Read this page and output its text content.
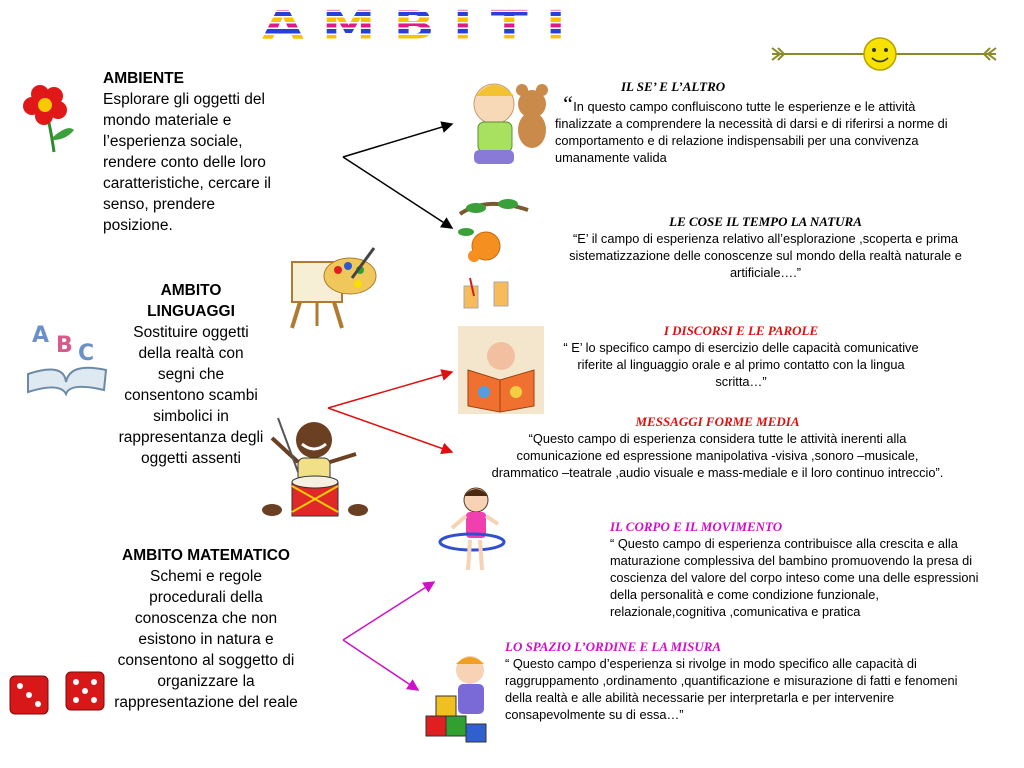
AMBITI
AMBIENTE
Esplorare gli oggetti del mondo materiale e l’esperienza sociale, rendere conto delle loro caratteristiche, cercare il senso, prendere posizione.
AMBITO LINGUAGGI
Sostituire oggetti della realtà con segni che consentono scambi simbolici in rappresentanza degli oggetti assenti
AMBITO MATEMATICO
Schemi e regole procedurali della conoscenza che non esistono in natura e consentono al soggetto di organizzare la rappresentazione del reale
A B C
IL SE’ E L’ALTRO
“In questo campo confluiscono tutte le esperienze e le attività finalizzate a comprendere la necessità di darsi e di riferirsi a norme di comportamento e di relazione indispensabili per una convivenza umanamente valida
LE COSE IL TEMPO LA NATURA
“E’ il campo di esperienza relativo all’esplorazione ,scoperta e prima sistematizzazione delle conoscenze sul mondo della realtà naturale e artificiale….”
I DISCORSI E LE PAROLE
“ E’ lo specifico campo di esercizio delle capacità comunicative riferite al linguaggio orale e al primo contatto con la lingua scritta…”
MESSAGGI FORME MEDIA
“Questo campo di esperienza considera tutte le attività inerenti alla comunicazione ed espressione manipolativa -visiva ,sonoro –musicale, drammatico –teatrale ,audio visuale e mass-mediale e il loro continuo intreccio”.
IL CORPO E IL MOVIMENTO
“ Questo campo di esperienza contribuisce alla crescita e alla maturazione complessiva del bambino promuovendo la presa di coscienza del valore del corpo inteso come una delle espressioni della personalità e come condizione funzionale, relazionale,cognitiva ,comunicativa e pratica
LO SPAZIO L’ORDINE E LA MISURA
“ Questo campo d’esperienza si rivolge in modo specifico alle capacità di raggruppamento ,ordinamento ,quantificazione e misurazione di fatti e fenomeni della realtà e alle abilità necessarie per interpretarla e per intervenire consapevolmente su di essa…”
